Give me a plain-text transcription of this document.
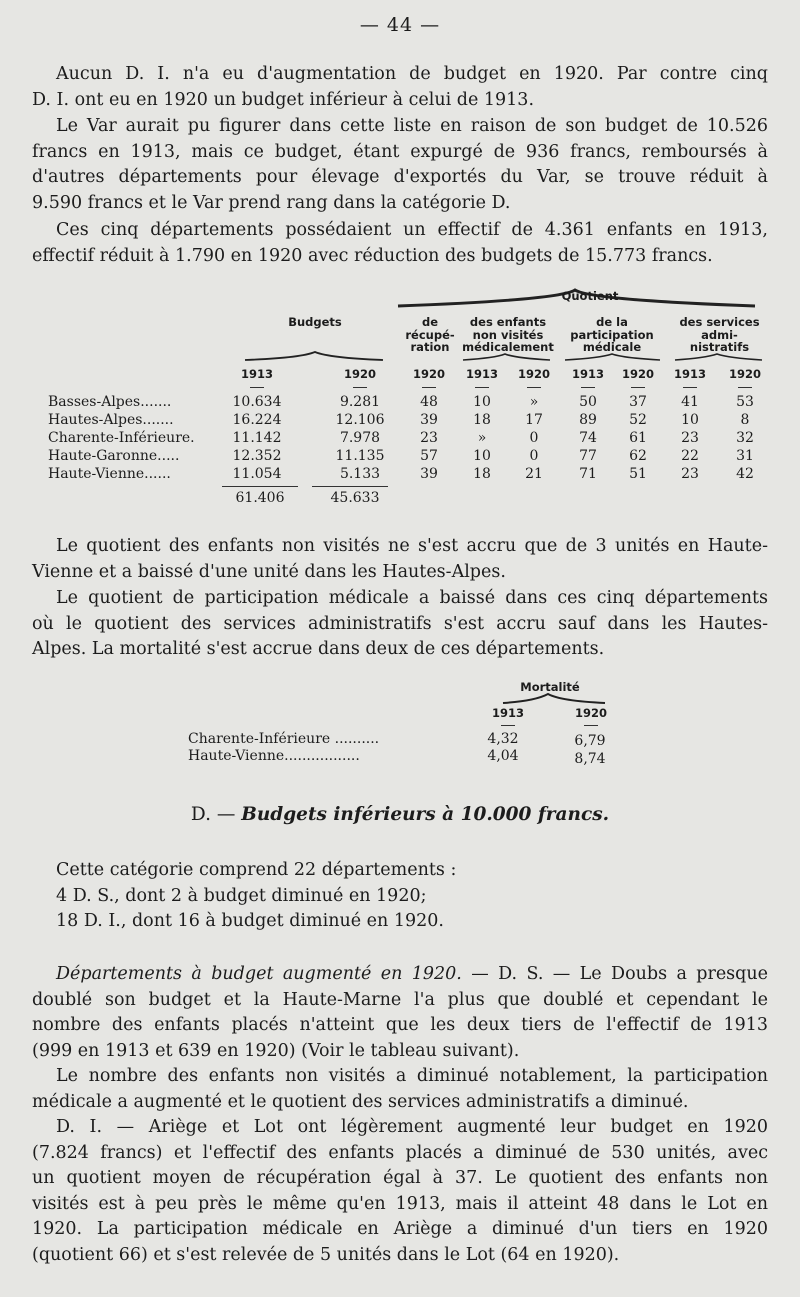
— 44 —
Aucun D. I. n'a eu d'augmentation de budget en 1920. Par contre cinq
D. I. ont eu en 1920 un budget inférieur à celui de 1913.
Le Var aurait pu figurer dans cette liste en raison de son budget de 10.526
francs en 1913, mais ce budget, étant expurgé de 936 francs, remboursés à
d'autres départements pour élevage d'exportés du Var, se trouve réduit à
9.590 francs et le Var prend rang dans la catégorie D.
Ces cinq départements possédaient un effectif de 4.361 enfants en 1913,
effectif réduit à 1.790 en 1920 avec réduction des budgets de 15.773 francs.
Quotient
Budgets	de
récupé-
ration
des enfants
non visités
médicalement
de la
participation
médicale
des services
admi-
nistratifs
1913	1920	1920	1913	1920	1913	1920	1913	1920
Basses-Alpes.......	10.634	9.281	48	10	»	50	37	41	53
Hautes-Alpes.......	16.224	12.106	39	18	17	89	52	10	8
Charente-Inférieure.	11.142	7.978	23	»	0	74	61	23	32
Haute-Garonne.....	12.352	11.135	57	10	0	77	62	22	31
Haute-Vienne......	11.054	5.133	39	18	21	71	51	23	42
61.406	45.633
Le quotient des enfants non visités ne s'est accru que de 3 unités en Haute-
Vienne et a baissé d'une unité dans les Hautes-Alpes.
Le quotient de participation médicale a baissé dans ces cinq départements
où le quotient des services administratifs s'est accru sauf dans les Hautes-
Alpes. La mortalité s'est accrue dans deux de ces départements.
Mortalité
1913	1920
Charente-Inférieure ..........	4,32	6,79
Haute-Vienne.................	4,04	8,74
D. — Budgets inférieurs à 10.000 francs.
Cette catégorie comprend 22 départements :
4 D. S., dont 2 à budget diminué en 1920;
18 D. I., dont 16 à budget diminué en 1920.
Départements à budget augmenté en 1920. — D. S. — Le Doubs a presque
doublé son budget et la Haute-Marne l'a plus que doublé et cependant le
nombre des enfants placés n'atteint que les deux tiers de l'effectif de 1913
(999 en 1913 et 639 en 1920) (Voir le tableau suivant).
Le nombre des enfants non visités a diminué notablement, la participation
médicale a augmenté et le quotient des services administratifs a diminué.
D. I. — Ariège et Lot ont légèrement augmenté leur budget en 1920
(7.824 francs) et l'effectif des enfants placés a diminué de 530 unités, avec
un quotient moyen de récupération égal à 37. Le quotient des enfants non
visités est à peu près le même qu'en 1913, mais il atteint 48 dans le Lot en
1920. La participation médicale en Ariège a diminué d'un tiers en 1920
(quotient 66) et s'est relevée de 5 unités dans le Lot (64 en 1920).
